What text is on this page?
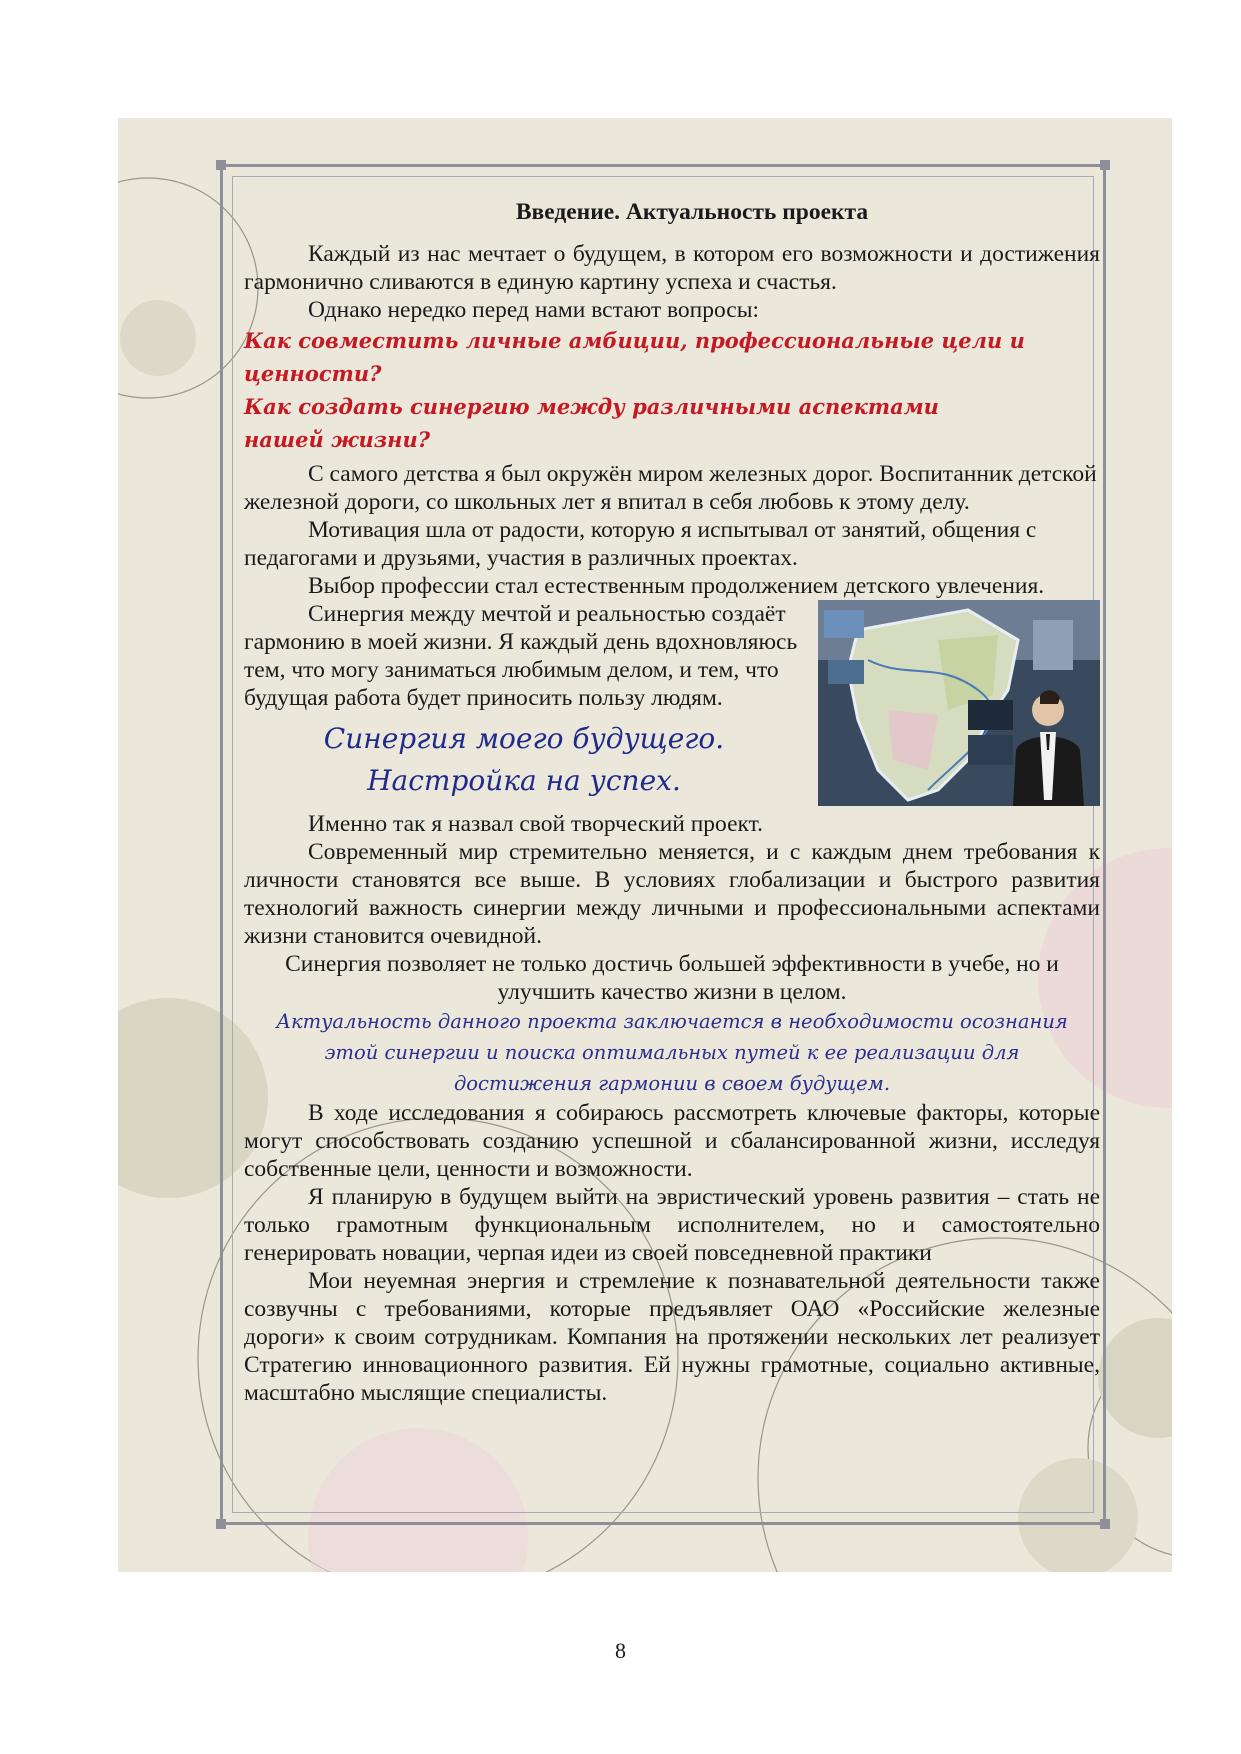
Введение. Актуальность проекта

Каждый из нас мечтает о будущем, в котором его возможности и достижения гармонично сливаются в единую картину успеха и счастья.

Однако нередко перед нами встают вопросы:

Как совместить личные амбиции, профессиональные цели и ценности?

Как создать синергию между различными аспектами нашей жизни?

С самого детства я был окружён миром железных дорог. Воспитанник детской железной дороги, со школьных лет я впитал в себя любовь к этому делу.

Мотивация шла от радости, которую я испытывал от занятий, общения с педагогами и друзьями, участия в различных проектах.

Выбор профессии стал естественным продолжением детского увлечения.

Синергия между мечтой и реальностью создаёт гармонию в моей жизни. Я каждый день вдохновляюсь тем, что могу заниматься любимым делом, и тем, что будущая работа будет приносить пользу людям.

Синергия моего будущего.

Настройка на успех.

Именно так я назвал свой творческий проект.

Современный мир стремительно меняется, и с каждым днем требования к личности становятся все выше. В условиях глобализации и быстрого развития технологий важность синергии между личными и профессиональными аспектами жизни становится очевидной.

Синергия позволяет не только достичь большей эффективности в учебе, но и улучшить качество жизни в целом.

Актуальность данного проекта заключается в необходимости осознания этой синергии и поиска оптимальных путей к ее реализации для достижения гармонии в своем будущем.

В ходе исследования я собираюсь рассмотреть ключевые факторы, которые могут способствовать созданию успешной и сбалансированной жизни, исследуя собственные цели, ценности и возможности.

Я планирую в будущем выйти на эвристический уровень развития – стать не только грамотным функциональным исполнителем, но и самостоятельно генерировать новации, черпая идеи из своей повседневной практики

Мои неуемная энергия и стремление к познавательной деятельности также созвучны с требованиями, которые предъявляет ОАО «Российские железные дороги» к своим сотрудникам. Компания на протяжении нескольких лет реализует Стратегию инновационного развития. Ей нужны грамотные, социально активные, масштабно мыслящие специалисты.

8
